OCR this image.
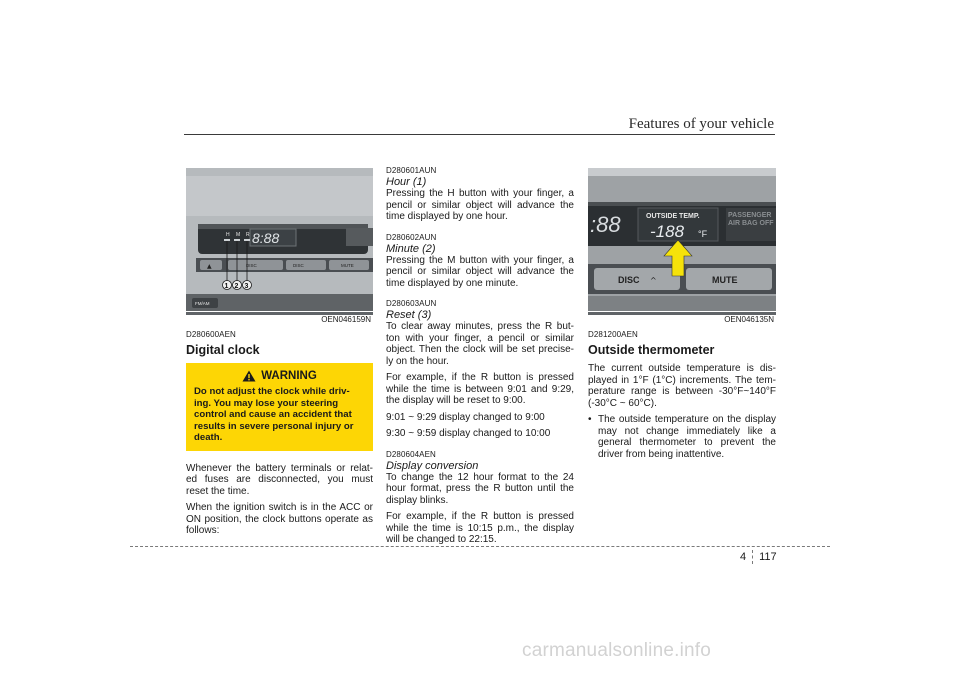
Features of your vehicle
8:88
H M R
▲	DISC	DISC	MUTE
1 2 3
FM/AM
OEN046159N
D280600AEN
Digital clock
WARNING

Do not adjust the clock while driv-ing. You may lose your steering control and cause an accident that results in severe personal injury or death.

Whenever the battery terminals or relat-ed fuses are disconnected, you must reset the time.

When the ignition switch is in the ACC or ON position, the clock buttons operate as follows:

D280601AUN
Hour (1)

Pressing the H button with your finger, a pencil or similar object will advance the time displayed by one hour.

D280602AUN
Minute (2)

Pressing the M button with your finger, a pencil or similar object will advance the time displayed by one minute.

D280603AUN
Reset (3)

To clear away minutes, press the R but-ton with your finger, a pencil or similar object. Then the clock will be set precise-ly on the hour.

For example, if the R button is pressed while the time is between 9:01 and 9:29, the display will be reset to 9:00.

9:01 ~ 9:29 display changed to 9:00

9:30 ~ 9:59 display changed to 10:00

D280604AEN
Display conversion

To change the 12 hour format to the 24 hour format, press the R button until the display blinks.

For example, if the R button is pressed while the time is 10:15 p.m., the display will be changed to 22:15.

:88	OUTSIDE TEMP.
-188 °F
PASSENGER AIR BAG OFF
DISC ^	MUTE
OEN046135N
D281200AEN
Outside thermometer

The current outside temperature is dis-played in 1°F (1°C) increments. The tem-perature range is between -30°F~140°F (-30°C ~ 60°C).

• The outside temperature on the display may not change immediately like a general thermometer to prevent the driver from being inattentive.
4 117
carmanualsonline.info
